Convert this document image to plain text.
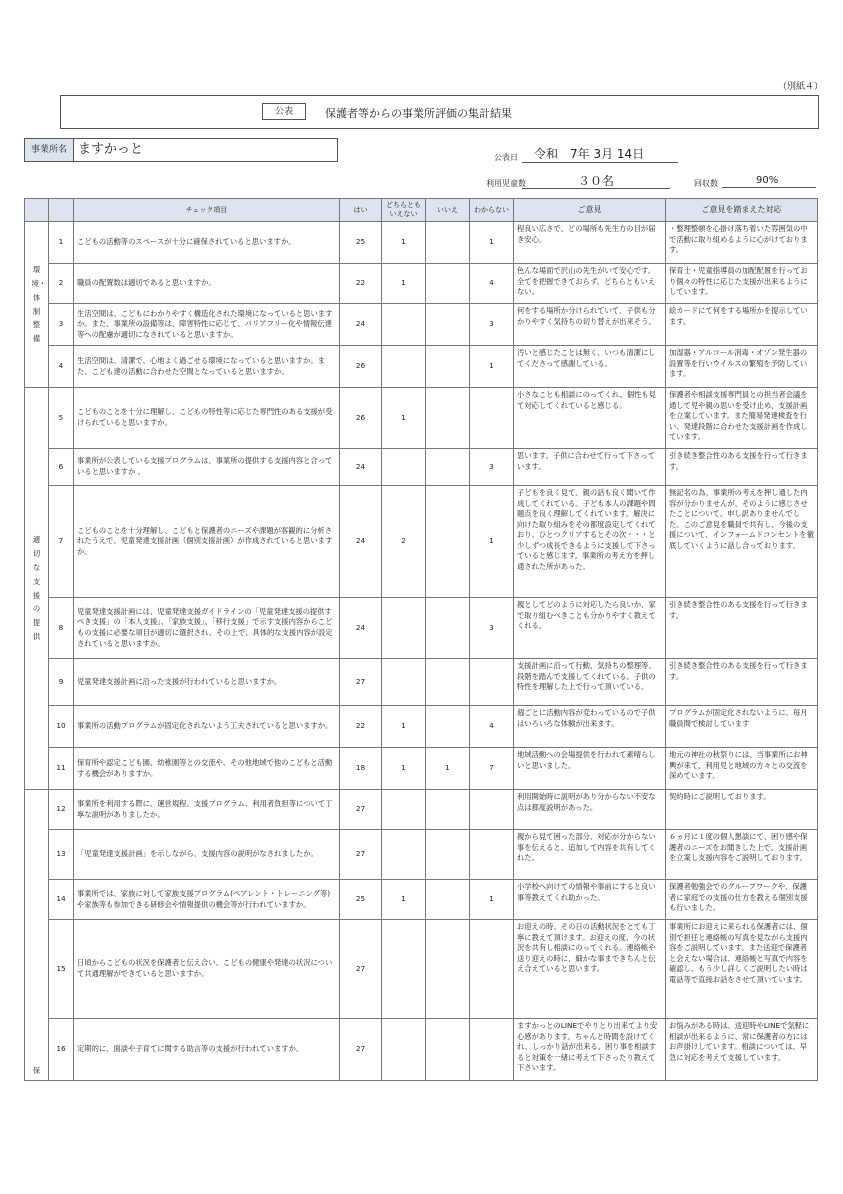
（別紙４）
公表	保護者等からの事業所評価の集計結果
事業所名 ますかっと
公表日	令和　7年 3月 14日
利用児童数	３０名	回収数	90%
		チェック項目	はい	どちらとも
いえない	いいえ	わからない	ご意見	ご意見を踏まえた対応
環境・体制整備	1	こどもの活動等のスペースが十分に確保されていると思いますか。	25	1		1	程良い広さで、どの場所も先生方の目が届き安心。	・整理整頓を心掛け落ち着いた雰囲気の中で活動に取り組めるように心がけております。
	2	職員の配置数は適切であると思いますか。	22	1		4	色んな場面で沢山の先生がいて安心です。全てを把握できておらず、どちらともいえない。	保育士・児童指導員の加配配置を行っており個々の特性に応じた支援が出来るようにしています。
	3	生活空間は、こどもにわかりやすく構造化された環境になっていると思いますか。また、事業所の設備等は、障害特性に応じて、バリアフリー化や情報伝達等への配慮が適切になされていると思いますか。	24			3	何をする場所か分けられていて、子供も分かりやすく気持ちの切り替えが出来そう。	絵カードにて何をする場所かを提示しています。
	4	生活空間は、清潔で、心地よく過ごせる環境になっていると思いますか。また、こども達の活動に合わせた空間となっていると思いますか。	26			1	汚いと感じたことは無く、いつも清潔にしてくださって感謝している。	加湿器・アルコール消毒・オゾン発生器の設置等を行いウイルスの繁殖を予防しています。
適切な支援の提供	5	こどものことを十分に理解し、こどもの特性等に応じた専門性のある支援が受けられていると思いますか。	26	1			小さなことも相談にのってくれ、個性も見て対応してくれていると感じる。	保護者や相談支援専門員との担当者会議を通して児や親の思いを受け止め、支援計画を立案しています。また簡易発達検査を行い、発達段階に合わせた支援計画を作成しています。
	6	事業所が公表している支援プログラムは、事業所の提供する支援内容と合っていると思いますか 。	24			3	思います。子供に合わせて行って下さっています。	引き続き整合性のある支援を行って行きます。
	7	こどものことを十分理解し、こどもと保護者のニーズや課題が客観的に分析されたうえで、児童発達支援計画（個別支援計画）が作成されていると思いますか。	24	2		1	子どもを良く見て、親の話も良く聞いて作成してくれている。子ども本人の課題や問題点を良く理解してくれています。解決に向けた取り組みをその都度設定してくれており、ひとつクリアするとその次・・・と少しずつ成長できるように支援して下さっていると感じます。事業所の考え方を押し通された所があった。	無記名の為、事業所の考えを押し通した内容が分かりませんが、そのように感じさせたことについて、申し訳ありませんでした。このご意見を職員で共有し、今後の支援について、インフォームドコンセントを徹底していくように話し合っております。
	8	児童発達支援計画には、児童発達支援ガイドラインの「児童発達支援の提供すべき支援」の「本人支援」、「家族支援」、「移行支援」で示す支援内容からこどもの支援に必要な項目が適切に選択され、その上で、具体的な支援内容が設定されていると思いますか。	24			3	親としてどのように対応したら良いか、家で取り組むべきことも分かりやすく教えてくれる。	引き続き整合性のある支援を行って行きます。
	9	児童発達支援計画に沿った支援が行われていると思いますか。	27				支援計画に沿って行動、気持ちの整理等、段階を踏んで支援してくれている。子供の特性を理解した上で行って頂いている。	引き続き整合性のある支援を行って行きます。
	10	事業所の活動プログラムが固定化されないよう工夫されていると思いますか。	22	1		4	週ごとに活動内容が変わっているので子供はいろいろな体験が出来ます。	プログラムが固定化されないように、毎月職員間で検討しています
	11	保育所や認定こども園、幼稚園等との交流や、その他地域で他のこどもと活動する機会がありますか。	18	1	1	7	地域活動への会場提供を行われて素晴らしいと思いました。	地元の神社の秋祭りには、当事業所にお神輿が来て、利用児と地域の方々との交流を深めています。
保	12	事業所を利用する際に、運営規程、支援プログラム、利用者負担等について丁寧な説明がありましたか。	27				利用開始時に説明があり分からない不安な点は都度説明があった。	契約時にご説明しております。
	13	「児童発達支援計画」を示しながら、支援内容の説明がなされましたか。	27				親から見て困った部分、対応が分からない事を伝えると、追加して内容を共有してくれた。	６ヵ月に１度の個人懇談にて、困り感や保護者のニーズをお聞きした上で、支援計画を立案し支援内容をご説明しております。
	14	事業所では、家族に対して家族支援プログラム(ペアレント・トレーニング等)や家族等も参加できる研修会や情報提供の機会等が行われていますか。	25	1		1	小学校へ向けての情報や事前にすると良い事等教えてくれ助かった。	保護者勉強会でのグループワークや、保護者に家庭での支援の仕方を教える個別支援も行いました。
	15	日頃からこどもの状況を保護者と伝え合い、こどもの健康や発達の状況について共通理解ができていると思いますか。	27				お迎えの時、その日の活動状況をとても丁寧に教えて頂けます。お迎えの度、今の状況を共有し相談にのってくれる。連絡帳や送り迎えの時に、細かな事まできちんと伝え合えていると思います。	事業所にお迎えに来られる保護者には、個別で担任と連絡帳の写真を見ながら支援内容をご説明しています。また送迎で保護者と会えない場合は、連絡帳と写真で内容を確認し、もう少し詳しくご説明したい時は電話等で直接お話をさせて頂いています。
	16	定期的に、面談や子育てに関する助言等の支援が行われていますか。	27				ますかっとのLINEでやりとり出来てより安心感があります。ちゃんと時間を設けてくれ、しっかり話が出来る。困り事を相談すると対策を一緒に考えて下さったり教えて下さいます。	お悩みがある時は、送迎時やLINEで気軽に相談が出来るように、常に保護者の方にはお声掛けしています。相談については、早急に対応を考えて支援しています。
